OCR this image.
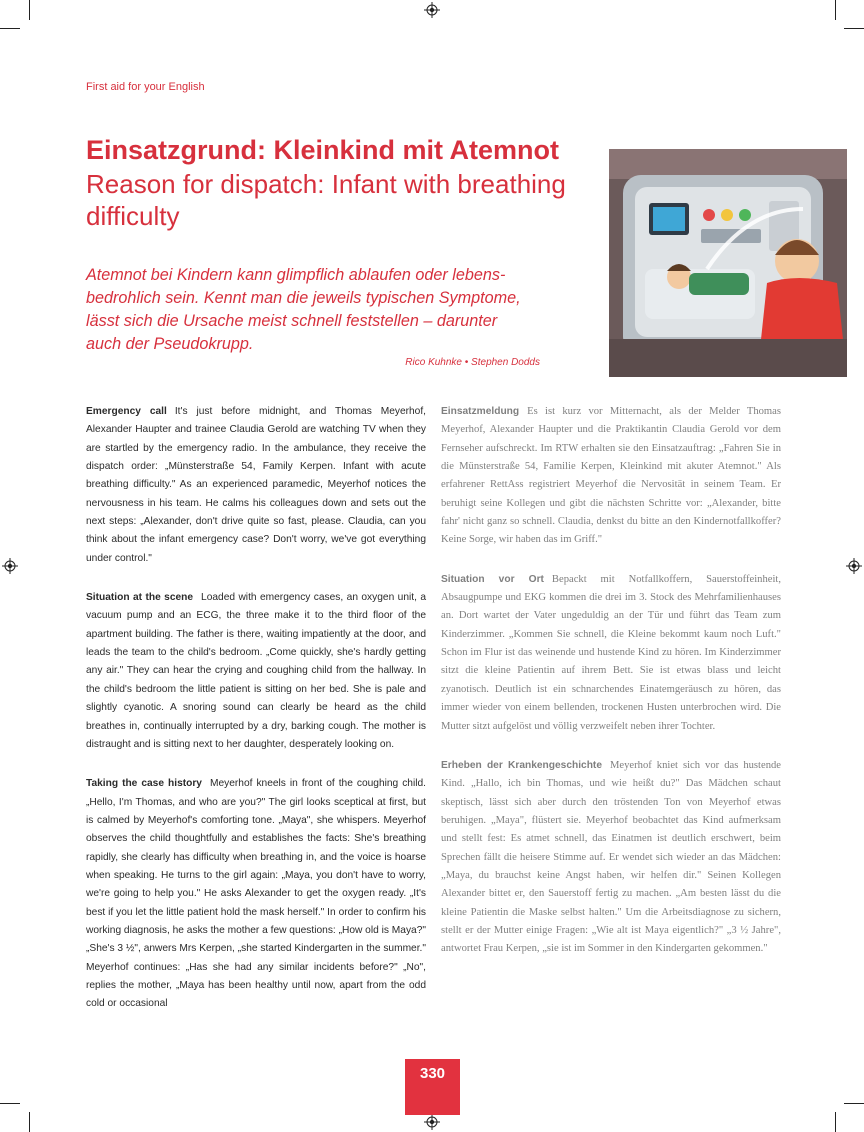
First aid for your English
Einsatzgrund: Kleinkind mit Atemnot
Reason for dispatch: Infant with breathing difficulty
Atemnot bei Kindern kann glimpflich ablaufen oder lebens-bedrohlich sein. Kennt man die jeweils typischen Symptome, lässt sich die Ursache meist schnell feststellen – darunter auch der Pseudokrupp.
Rico Kuhnke • Stephen Dodds

Emergency call It's just before midnight, and Thomas Meyerhof, Alexander Haupter and trainee Claudia Gerold are watching TV when they are startled by the emergency radio. In the ambulance, they receive the dispatch order: „Münsterstraße 54, Family Kerpen. Infant with acute breathing difficulty." As an experienced paramedic, Meyerhof notices the nervousness in his team. He calms his colleagues down and sets out the next steps: „Alexander, don't drive quite so fast, please. Claudia, can you think about the infant emergency case? Don't worry, we've got everything under control."

Situation at the scene Loaded with emergency cases, an oxygen unit, a vacuum pump and an ECG, the three make it to the third floor of the apartment building. The father is there, waiting impatiently at the door, and leads the team to the child's bedroom. „Come quickly, she's hardly getting any air." They can hear the crying and coughing child from the hallway. In the child's bedroom the little patient is sitting on her bed. She is pale and slightly cyanotic. A snoring sound can clearly be heard as the child breathes in, continually interrupted by a dry, barking cough. The mother is distraught and is sitting next to her daughter, desperately looking on.

Taking the case history Meyerhof kneels in front of the coughing child. „Hello, I'm Thomas, and who are you?" The girl looks sceptical at first, but is calmed by Meyerhof's comforting tone. „Maya", she whispers. Meyerhof observes the child thoughtfully and establishes the facts: She's breathing rapidly, she clearly has difficulty when breathing in, and the voice is hoarse when speaking. He turns to the girl again: „Maya, you don't have to worry, we're going to help you." He asks Alexander to get the oxygen ready. „It's best if you let the little patient hold the mask herself." In order to confirm his working diagnosis, he asks the mother a few questions: „How old is Maya?" „She's 3 ½", anwers Mrs Kerpen, „she started Kindergarten in the summer." Meyerhof continues: „Has she had any similar incidents before?" „No", replies the mother, „Maya has been healthy until now, apart from the odd cold or occasional

Einsatzmeldung Es ist kurz vor Mitternacht, als der Melder Thomas Meyerhof, Alexander Haupter und die Praktikantin Claudia Gerold vor dem Fernseher aufschreckt. Im RTW erhalten sie den Einsatzauftrag: „Fahren Sie in die Münsterstraße 54, Familie Kerpen, Kleinkind mit akuter Atemnot." Als erfahrener RettAss registriert Meyerhof die Nervosität in seinem Team. Er beruhigt seine Kollegen und gibt die nächsten Schritte vor: „Alexander, bitte fahr' nicht ganz so schnell. Claudia, denkst du bitte an den Kindernotfallkoffer? Keine Sorge, wir haben das im Griff."

Situation vor Ort Bepackt mit Notfallkoffern, Sauerstoffeinheit, Absaugpumpe und EKG kommen die drei im 3. Stock des Mehrfamilienhauses an. Dort wartet der Vater ungeduldig an der Tür und führt das Team zum Kinderzimmer. „Kommen Sie schnell, die Kleine bekommt kaum noch Luft." Schon im Flur ist das weinende und hustende Kind zu hören. Im Kinderzimmer sitzt die kleine Patientin auf ihrem Bett. Sie ist etwas blass und leicht zyanotisch. Deutlich ist ein schnarchendes Einatemgeräusch zu hören, das immer wieder von einem bellenden, trockenen Husten unterbrochen wird. Die Mutter sitzt aufgelöst und völlig verzweifelt neben ihrer Tochter.

Erheben der Krankengeschichte Meyerhof kniet sich vor das hustende Kind. „Hallo, ich bin Thomas, und wie heißt du?" Das Mädchen schaut skeptisch, lässt sich aber durch den tröstenden Ton von Meyerhof etwas beruhigen. „Maya", flüstert sie. Meyerhof beobachtet das Kind aufmerksam und stellt fest: Es atmet schnell, das Einatmen ist deutlich erschwert, beim Sprechen fällt die heisere Stimme auf. Er wendet sich wieder an das Mädchen: „Maya, du brauchst keine Angst haben, wir helfen dir." Seinen Kollegen Alexander bittet er, den Sauerstoff fertig zu machen. „Am besten lässt du die kleine Patientin die Maske selbst halten." Um die Arbeitsdiagnose zu sichern, stellt er der Mutter einige Fragen: „Wie alt ist Maya eigentlich?" „3 ½ Jahre", antwortet Frau Kerpen, „sie ist im Sommer in den Kindergarten gekommen."

330
